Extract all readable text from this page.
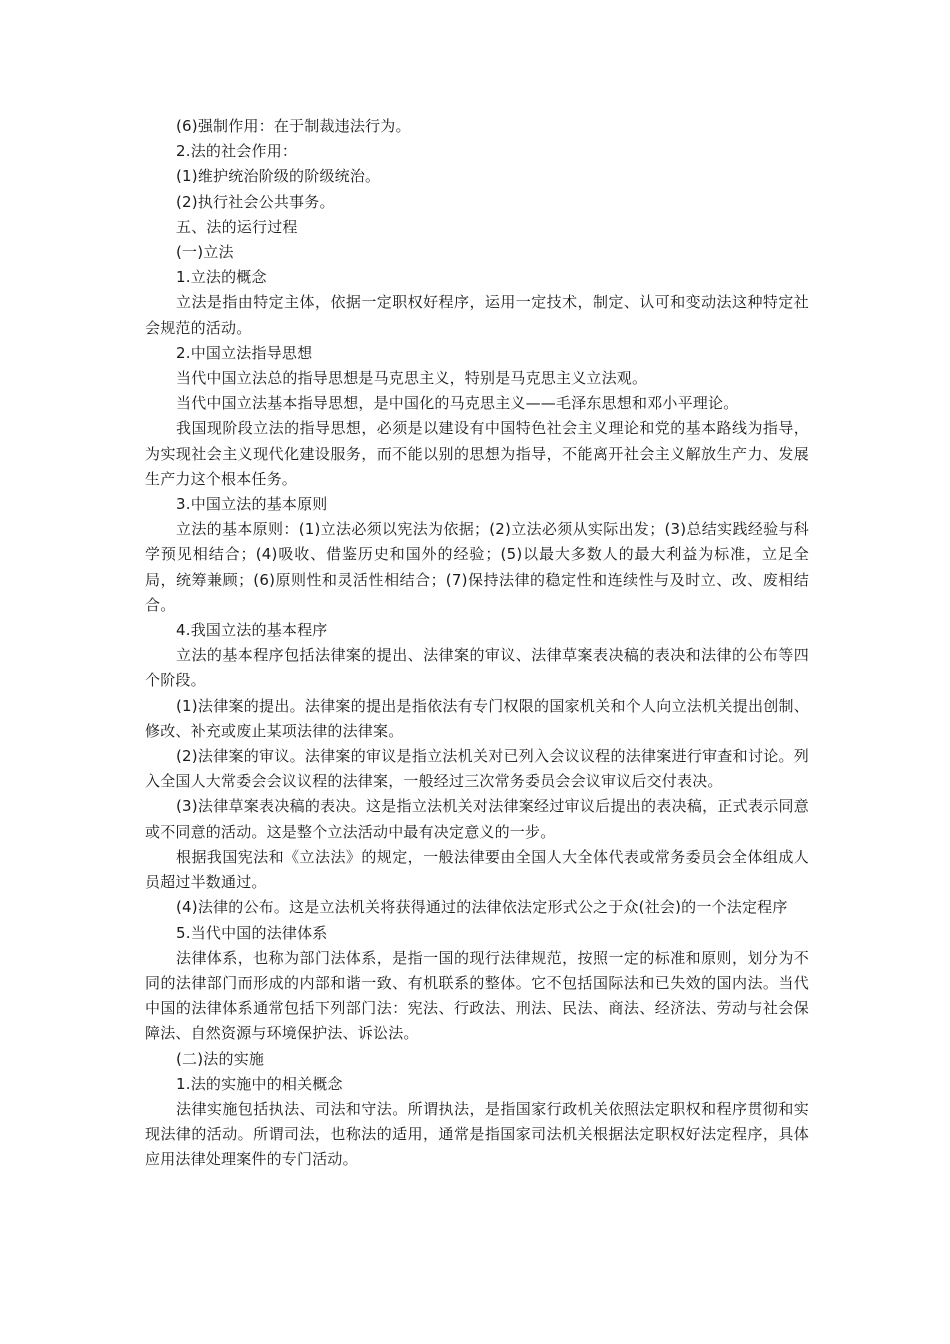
(6)强制作用：在于制裁违法行为。

2.法的社会作用：

(1)维护统治阶级的阶级统治。

(2)执行社会公共事务。

五、法的运行过程

(一)立法

1.立法的概念

立法是指由特定主体，依据一定职权好程序，运用一定技术，制定、认可和变动法这种特定社会规范的活动。

2.中国立法指导思想

当代中国立法总的指导思想是马克思主义，特别是马克思主义立法观。

当代中国立法基本指导思想，是中国化的马克思主义——毛泽东思想和邓小平理论。

我国现阶段立法的指导思想，必须是以建设有中国特色社会主义理论和党的基本路线为指导，为实现社会主义现代化建设服务，而不能以别的思想为指导，不能离开社会主义解放生产力、发展生产力这个根本任务。

3.中国立法的基本原则

立法的基本原则：(1)立法必须以宪法为依据；(2)立法必须从实际出发；(3)总结实践经验与科学预见相结合；(4)吸收、借鉴历史和国外的经验；(5)以最大多数人的最大利益为标准，立足全局，统筹兼顾；(6)原则性和灵活性相结合；(7)保持法律的稳定性和连续性与及时立、改、废相结合。

4.我国立法的基本程序

立法的基本程序包括法律案的提出、法律案的审议、法律草案表决稿的表决和法律的公布等四个阶段。

(1)法律案的提出。法律案的提出是指依法有专门权限的国家机关和个人向立法机关提出创制、修改、补充或废止某项法律的法律案。

(2)法律案的审议。法律案的审议是指立法机关对已列入会议议程的法律案进行审查和讨论。列入全国人大常委会会议议程的法律案，一般经过三次常务委员会会议审议后交付表决。

(3)法律草案表决稿的表决。这是指立法机关对法律案经过审议后提出的表决稿，正式表示同意或不同意的活动。这是整个立法活动中最有决定意义的一步。

根据我国宪法和《立法法》的规定，一般法律要由全国人大全体代表或常务委员会全体组成人员超过半数通过。

(4)法律的公布。这是立法机关将获得通过的法律依法定形式公之于众(社会)的一个法定程序

5.当代中国的法律体系

法律体系，也称为部门法体系，是指一国的现行法律规范，按照一定的标准和原则，划分为不同的法律部门而形成的内部和谐一致、有机联系的整体。它不包括国际法和已失效的国内法。当代中国的法律体系通常包括下列部门法：宪法、行政法、刑法、民法、商法、经济法、劳动与社会保障法、自然资源与环境保护法、诉讼法。

(二)法的实施

1.法的实施中的相关概念

法律实施包括执法、司法和守法。所谓执法，是指国家行政机关依照法定职权和程序贯彻和实现法律的活动。所谓司法，也称法的适用，通常是指国家司法机关根据法定职权好法定程序，具体应用法律处理案件的专门活动。
